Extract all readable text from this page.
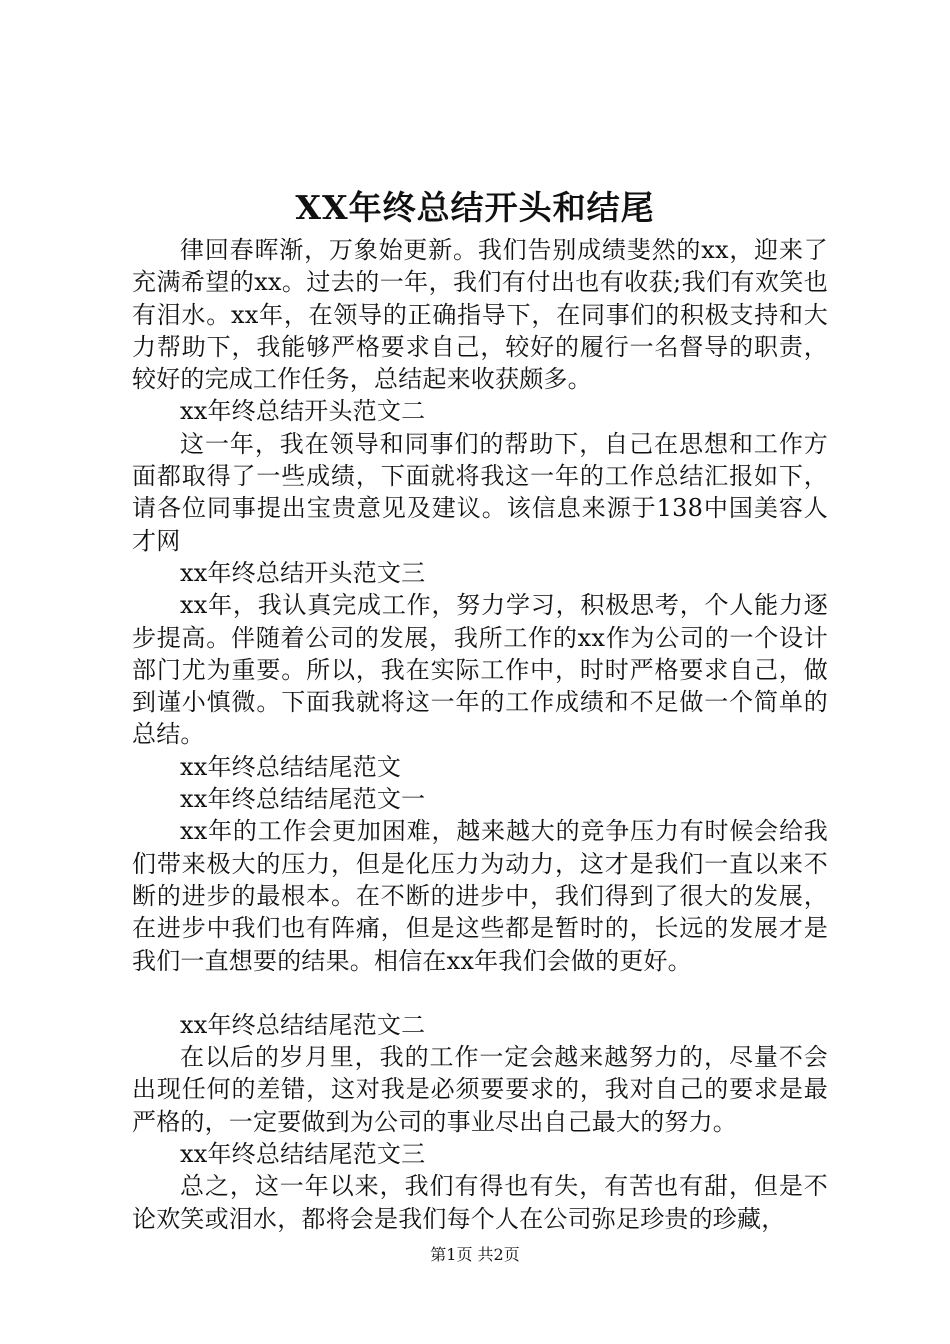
XX年终总结开头和结尾

律回春晖渐，万象始更新。我们告别成绩斐然的xx，迎来了充满希望的xx。过去的一年，我们有付出也有收获;我们有欢笑也有泪水。xx年，在领导的正确指导下，在同事们的积极支持和大力帮助下，我能够严格要求自己，较好的履行一名督导的职责，较好的完成工作任务，总结起来收获颇多。

xx年终总结开头范文二

这一年，我在领导和同事们的帮助下，自己在思想和工作方面都取得了一些成绩，下面就将我这一年的工作总结汇报如下，请各位同事提出宝贵意见及建议。该信息来源于138中国美容人才网

xx年终总结开头范文三

xx年，我认真完成工作，努力学习，积极思考，个人能力逐步提高。伴随着公司的发展，我所工作的xx作为公司的一个设计部门尤为重要。所以，我在实际工作中，时时严格要求自己，做到谨小慎微。下面我就将这一年的工作成绩和不足做一个简单的总结。

xx年终总结结尾范文

xx年终总结结尾范文一

xx年的工作会更加困难，越来越大的竞争压力有时候会给我们带来极大的压力，但是化压力为动力，这才是我们一直以来不断的进步的最根本。在不断的进步中，我们得到了很大的发展，在进步中我们也有阵痛，但是这些都是暂时的，长远的发展才是我们一直想要的结果。相信在xx年我们会做的更好。

xx年终总结结尾范文二

在以后的岁月里，我的工作一定会越来越努力的，尽量不会出现任何的差错，这对我是必须要要求的，我对自己的要求是最严格的，一定要做到为公司的事业尽出自己最大的努力。

xx年终总结结尾范文三

总之，这一年以来，我们有得也有失，有苦也有甜，但是不论欢笑或泪水，都将会是我们每个人在公司弥足珍贵的珍藏，

第1页 共2页
